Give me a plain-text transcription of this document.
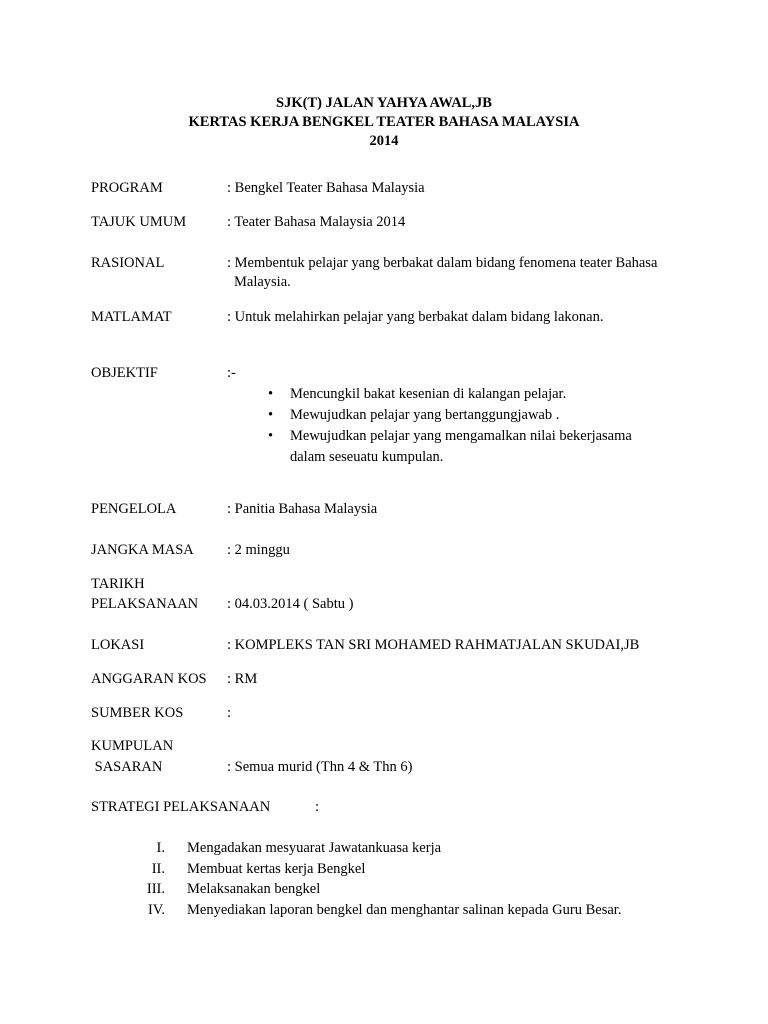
SJK(T) JALAN YAHYA AWAL,JB
KERTAS KERJA BENGKEL TEATER BAHASA MALAYSIA
2014
PROGRAM	: Bengkel Teater Bahasa Malaysia
TAJUK UMUM	: Teater Bahasa Malaysia 2014
RASIONAL	: Membentuk pelajar yang berbakat dalam bidang fenomena teater Bahasa
Malaysia.
MATLAMAT	: Untuk melahirkan pelajar yang berbakat dalam bidang lakonan.
OBJEKTIF	:-
• Mencungkil bakat kesenian di kalangan pelajar.
• Mewujudkan pelajar yang bertanggungjawab .
• Mewujudkan pelajar yang mengamalkan nilai bekerjasama
dalam seseuatu kumpulan.
PENGELOLA	: Panitia Bahasa Malaysia
JANGKA MASA : 2 minggu
TARIKH
PELAKSANAAN : 04.03.2014 ( Sabtu )
LOKASI	: KOMPLEKS TAN SRI MOHAMED RAHMATJALAN SKUDAI,JB
ANGGARAN KOS : RM
SUMBER KOS	:
KUMPULAN
SASARAN	: Semua murid (Thn 4 & Thn 6)
STRATEGI PELAKSANAAN	:
I.	Mengadakan mesyuarat Jawatankuasa kerja
II.	Membuat kertas kerja Bengkel
III.	Melaksanakan bengkel
IV.	Menyediakan laporan bengkel dan menghantar salinan kepada Guru Besar.
